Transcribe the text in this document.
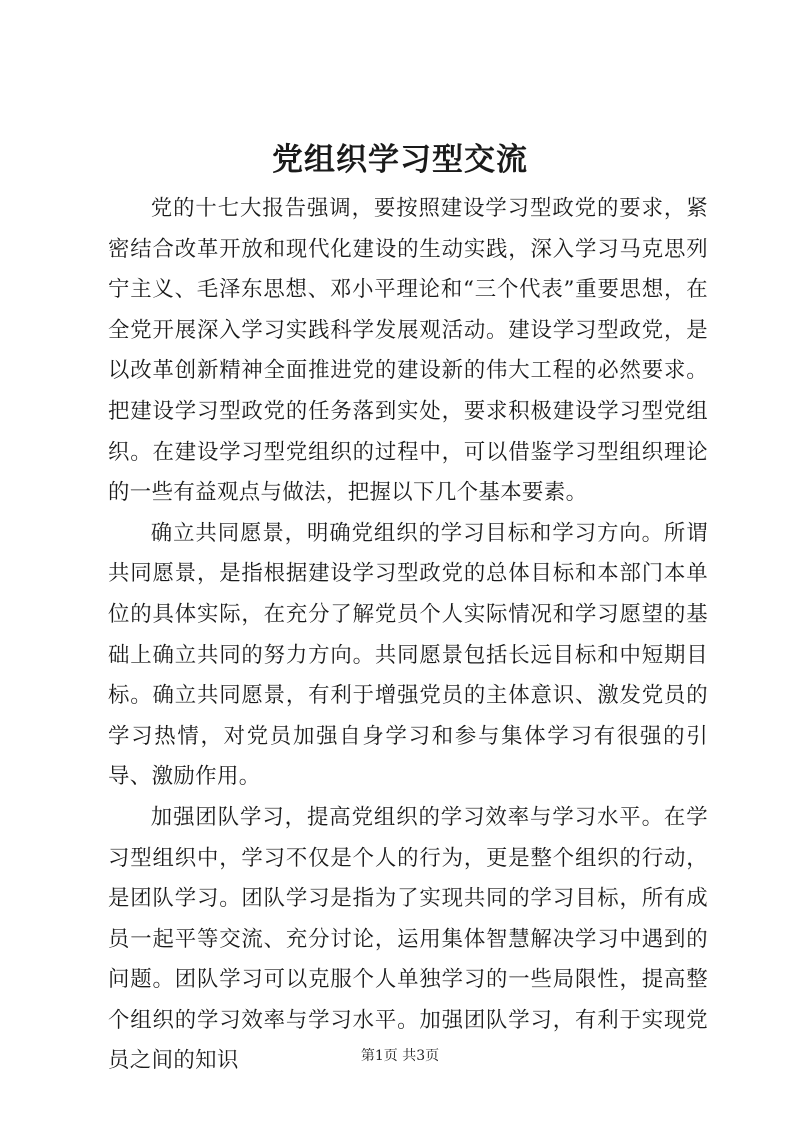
党组织学习型交流

党的十七大报告强调，要按照建设学习型政党的要求，紧密结合改革开放和现代化建设的生动实践，深入学习马克思列宁主义、毛泽东思想、邓小平理论和“三个代表”重要思想，在全党开展深入学习实践科学发展观活动。建设学习型政党，是以改革创新精神全面推进党的建设新的伟大工程的必然要求。把建设学习型政党的任务落到实处，要求积极建设学习型党组织。在建设学习型党组织的过程中，可以借鉴学习型组织理论的一些有益观点与做法，把握以下几个基本要素。

确立共同愿景，明确党组织的学习目标和学习方向。所谓共同愿景，是指根据建设学习型政党的总体目标和本部门本单位的具体实际，在充分了解党员个人实际情况和学习愿望的基础上确立共同的努力方向。共同愿景包括长远目标和中短期目标。确立共同愿景，有利于增强党员的主体意识、激发党员的学习热情，对党员加强自身学习和参与集体学习有很强的引导、激励作用。

加强团队学习，提高党组织的学习效率与学习水平。在学习型组织中，学习不仅是个人的行为，更是整个组织的行动，是团队学习。团队学习是指为了实现共同的学习目标，所有成员一起平等交流、充分讨论，运用集体智慧解决学习中遇到的问题。团队学习可以克服个人单独学习的一些局限性，提高整个组织的学习效率与学习水平。加强团队学习，有利于实现党员之间的知识	第1页 共3页
